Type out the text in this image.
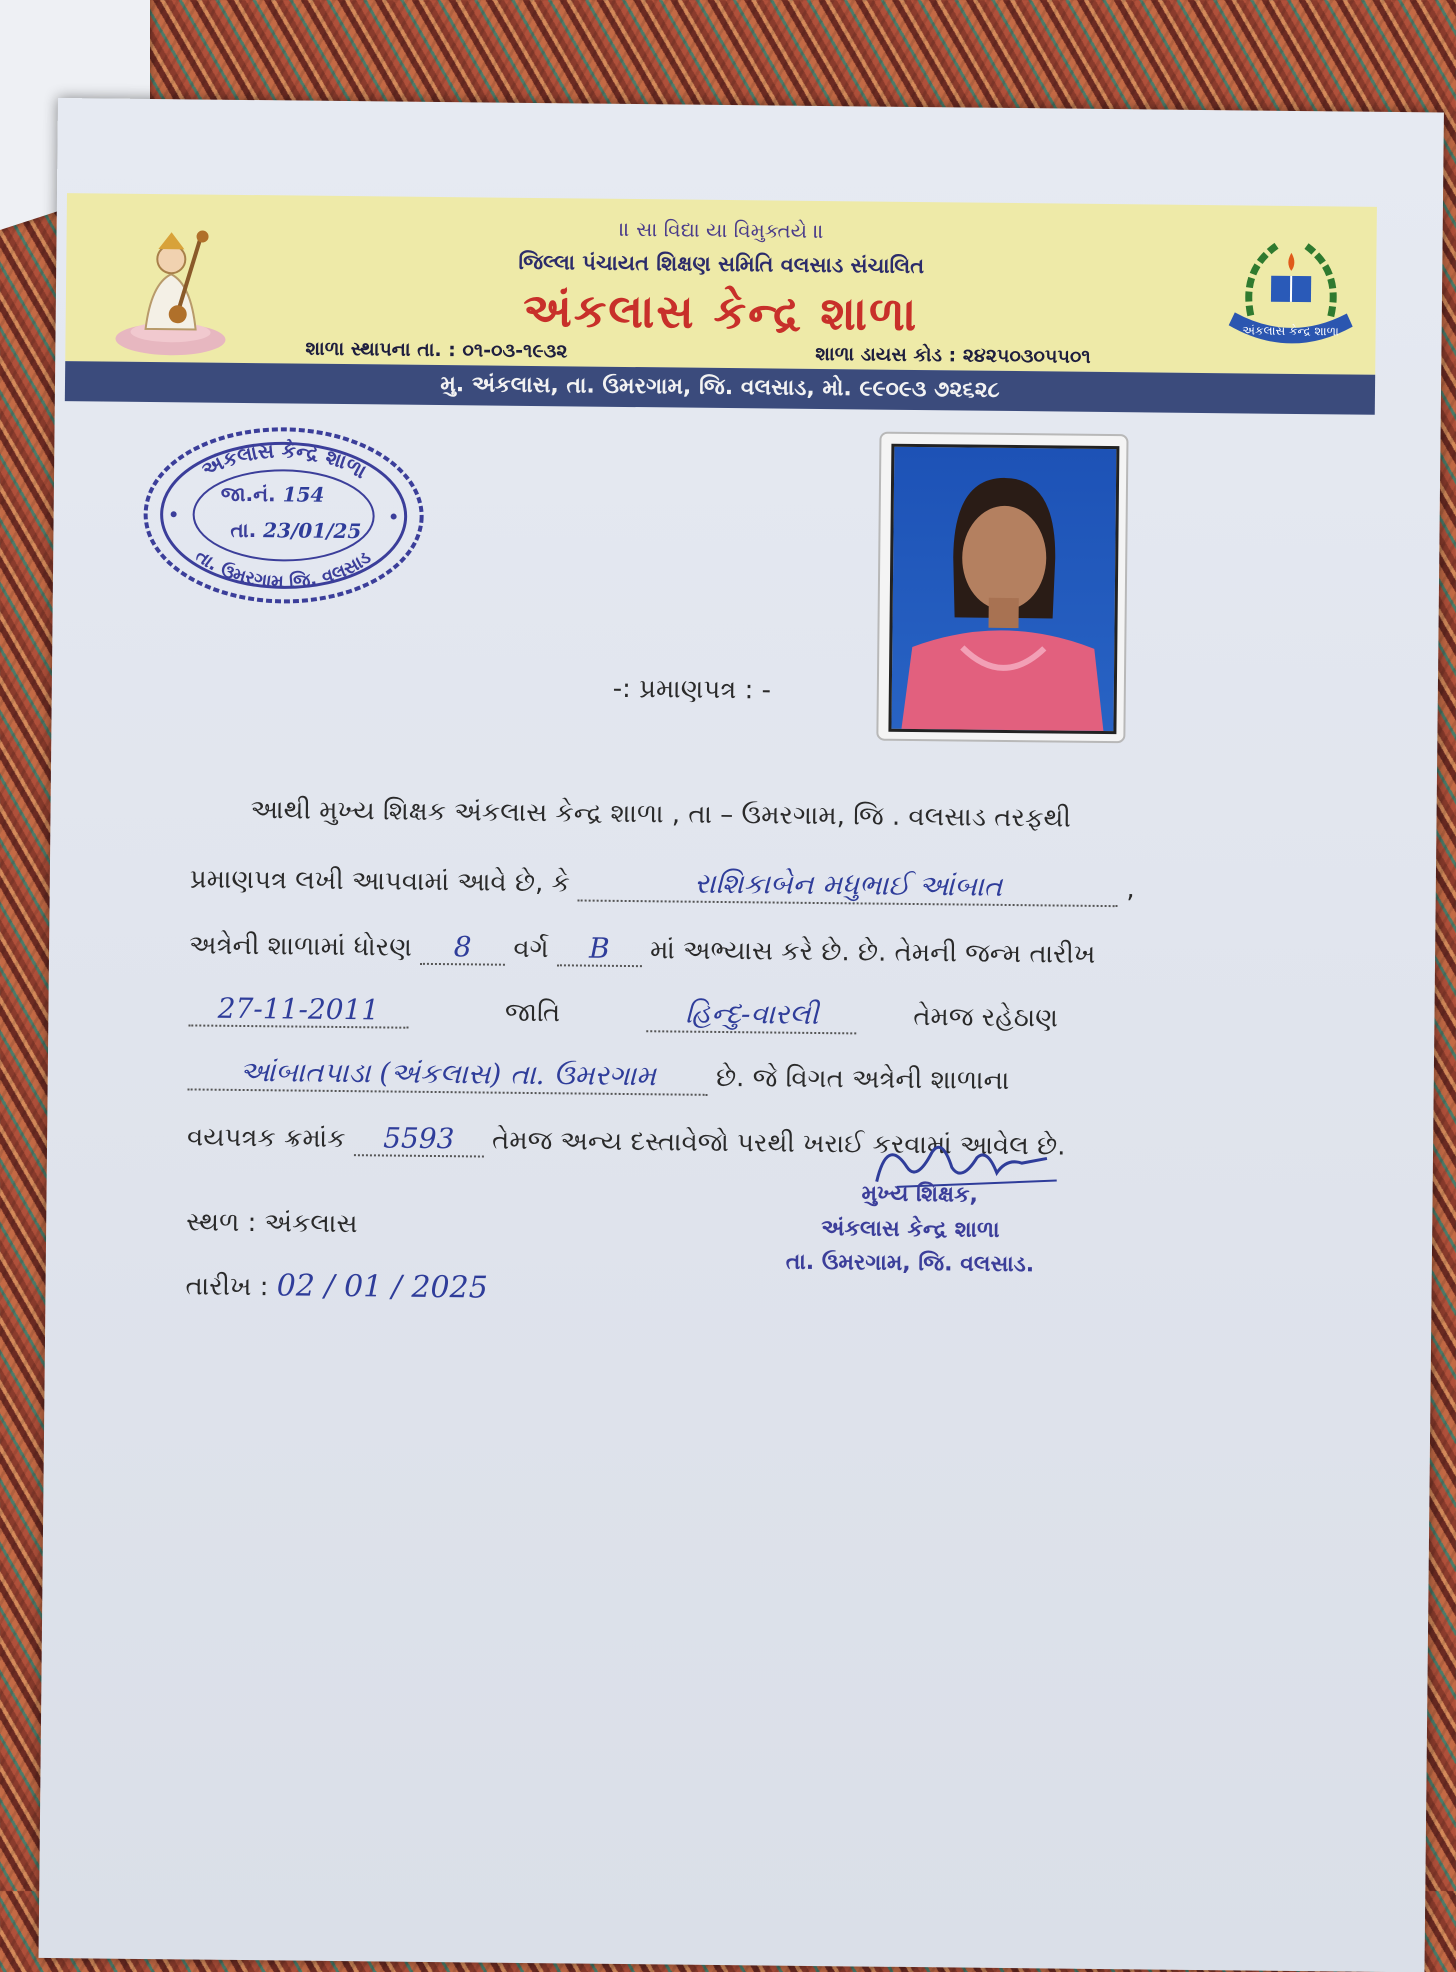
॥ સા વિદ્યા યા વિમુક્તયે ॥
જિલ્લા પંચાયત શિક્ષણ સમિતિ વલસાડ સંચાલિત
અંકલાસ કેન્દ્ર શાળા
શાળા સ્થાપના તા. : ૦૧-૦૩-૧૯૩૨	શાળા ડાયસ કોડ : ૨૪૨૫૦૩૦૫૫૦૧
અંકલાસ કેન્દ્ર શાળા
મુ. અંકલાસ, તા. ઉમરગામ, જિ. વલસાડ, મો. ૯૯૦૯૩ ૭૨૬૨૮
અંકલાસ કેન્દ્ર શાળા
તા. ઉમરગામ જિ. વલસાડ
જા.નં. 154
તા. 23/01/25
-: પ્રમાણપત્ર : -
આથી મુખ્ય શિક્ષક અંકલાસ કેન્દ્ર શાળા , તા – ઉમરગામ, જિ . વલસાડ તરફથી
પ્રમાણપત્ર લખી આપવામાં આવે છે, કે	રાશિકાબેન મધુભાઈ આંબાત	,
અત્રેની શાળામાં ધોરણ 8 વર્ગ B માં અભ્યાસ કરે છે. છે. તેમની જન્મ તારીખ
27-11-2011	જાતિ	હિન્દુ-વારલી	તેમજ રહેઠાણ
આંબાતપાડા (અંકલાસ) તા. ઉમરગામ છે. જે વિગત અત્રેની શાળાના
વયપત્રક ક્રમાંક 5593 તેમજ અન્ય દસ્તાવેજો પરથી ખરાઈ કરવામાં આવેલ છે.
સ્થળ : અંકલાસ
તારીખ : 02 / 01 / 2025
મુખ્ય શિક્ષક,
અંકલાસ કેન્દ્ર શાળા
તા. ઉમરગામ, જિ. વલસાડ.
